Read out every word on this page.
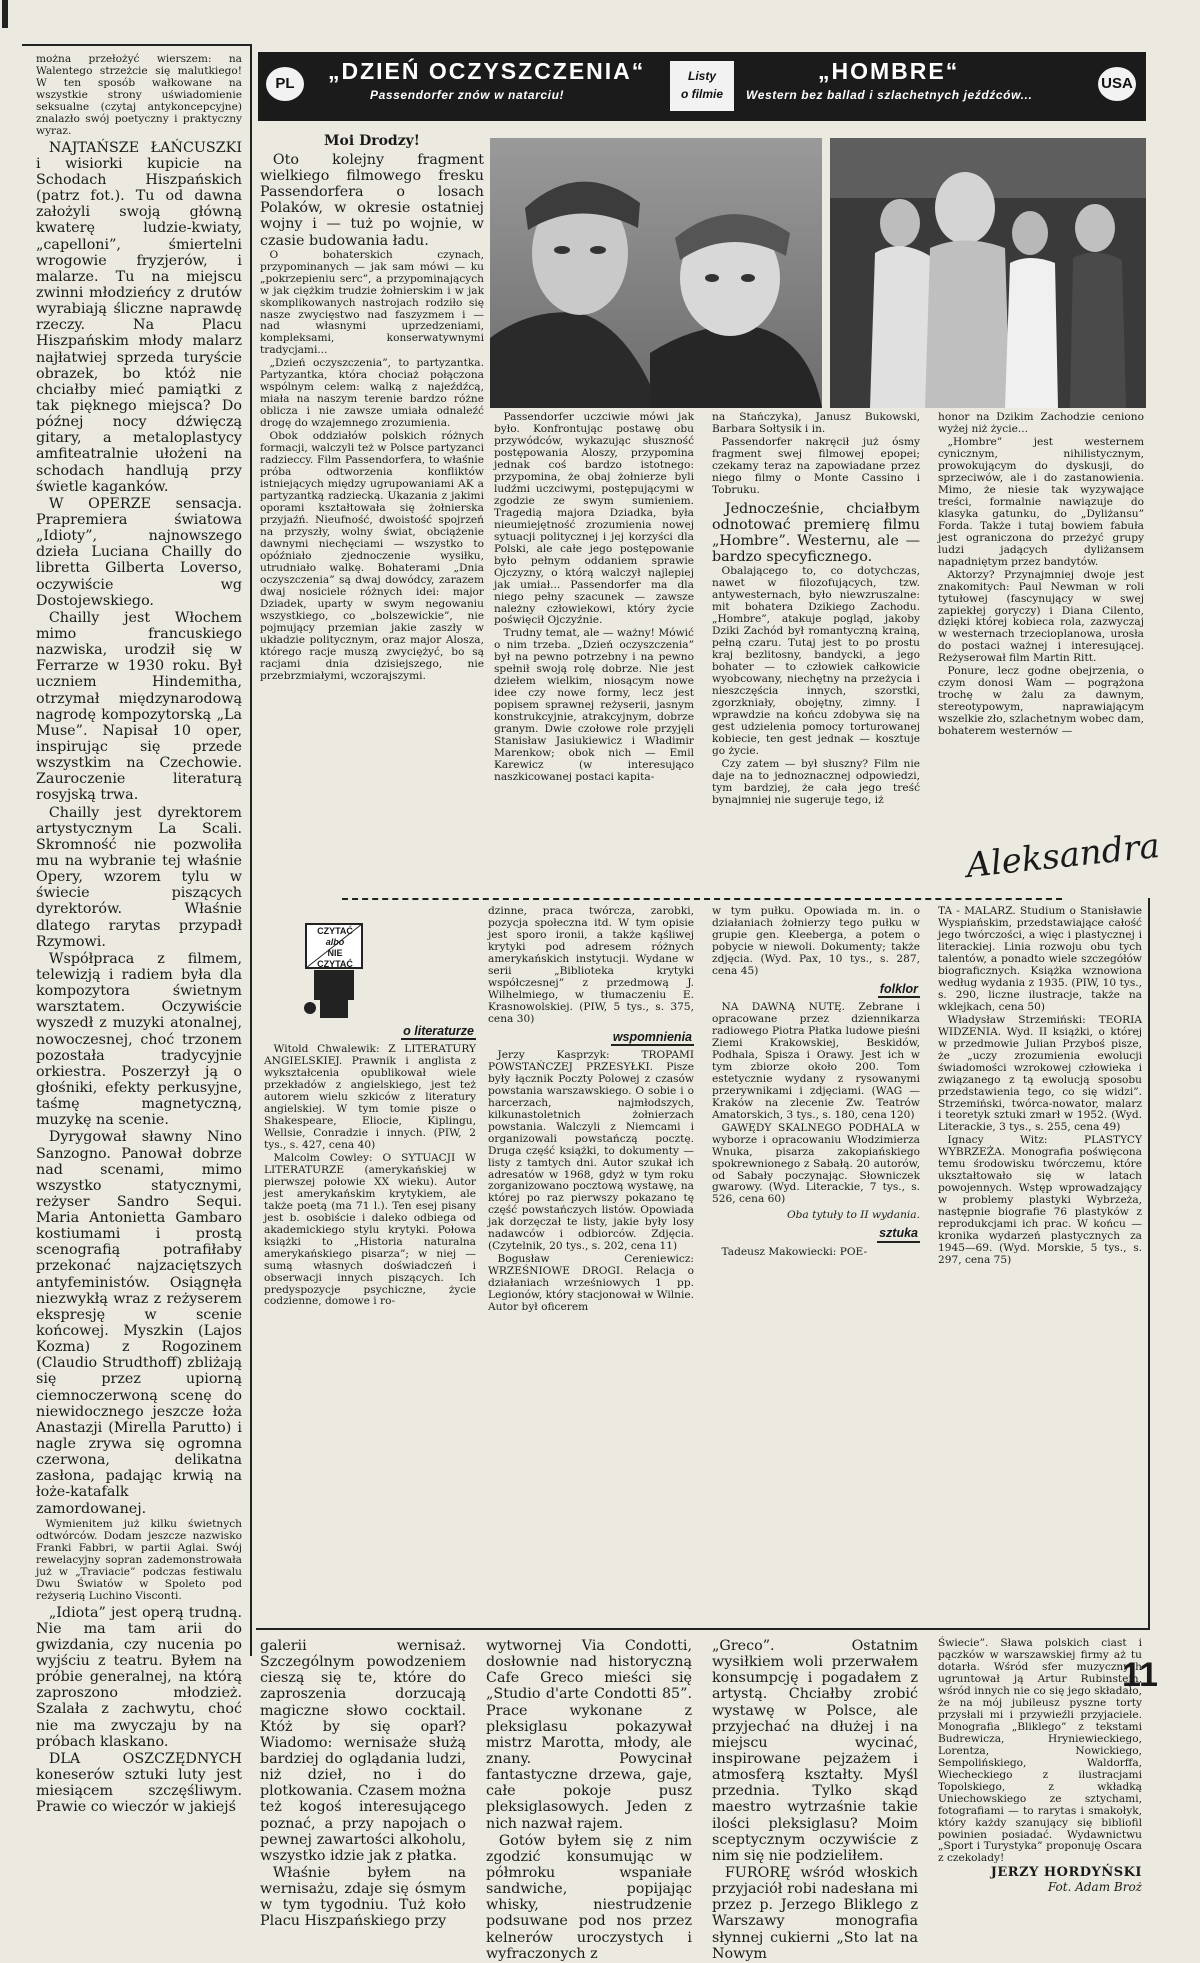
PL	„DZIEŃ OCZYSZCZENIA“
Passendorfer znów w natarciu!
Listy
o filmie
„HOMBRE“
Western bez ballad i szlachetnych jeźdźców...
USA
można przełożyć wierszem: na Walentego strzeżcie się malutkiego! W ten sposób wałkowane na wszystkie strony uświadomienie seksualne (czytaj antykoncepcyjne) znalazło swój poetyczny i praktyczny wyraz.

NAJTAŃSZE ŁAŃCUSZKI i wisiorki kupicie na Schodach Hiszpańskich (patrz fot.). Tu od dawna założyli swoją główną kwaterę ludzie-kwiaty, „capelloni”, śmiertelni wrogowie fryzjerów, i malarze. Tu na miejscu zwinni młodzieńcy z drutów wyrabiają śliczne naprawdę rzeczy. Na Placu Hiszpańskim młody malarz najłatwiej sprzeda turyście obrazek, bo któż nie chciałby mieć pamiątki z tak pięknego miejsca? Do późnej nocy dźwięczą gitary, a metaloplastycy amfiteatralnie ułożeni na schodach handlują przy świetle kaganków.

W OPERZE sensacja. Prapremiera światowa „Idioty”, najnowszego dzieła Luciana Chailly do libretta Gilberta Loverso, oczywiście wg Dostojewskiego.

Chailly jest Włochem mimo francuskiego nazwiska, urodził się w Ferrarze w 1930 roku. Był uczniem Hindemitha, otrzymał międzynarodową nagrodę kompozytorską „La Muse”. Napisał 10 oper, inspirując się przede wszystkim na Czechowie. Zauroczenie literaturą rosyjską trwa.

Chailly jest dyrektorem artystycznym La Scali. Skromność nie pozwoliła mu na wybranie tej właśnie Opery, wzorem tylu w świecie piszących dyrektorów. Właśnie dlatego rarytas przypadł Rzymowi.

Współpraca z filmem, telewizją i radiem była dla kompozytora świetnym warsztatem. Oczywiście wyszedł z muzyki atonalnej, nowoczesnej, choć trzonem pozostała tradycyjnie orkiestra. Poszerzył ją o głośniki, efekty perkusyjne, taśmę magnetyczną, muzykę na scenie.

Dyrygował sławny Nino Sanzogno. Panował dobrze nad scenami, mimo wszystko statycznymi, reżyser Sandro Sequi. Maria Antonietta Gambaro kostiumami i prostą scenografią potrafiłaby przekonać najzaciętszych antyfeministów. Osiągnęła niezwykłą wraz z reżyserem ekspresję w scenie końcowej. Myszkin (Lajos Kozma) z Rogozinem (Claudio Strudthoff) zbliżają się przez upiorną ciemnoczerwoną scenę do niewidocznego jeszcze łoża Anastazji (Mirella Parutto) i nagle zrywa się ogromna czerwona, delikatna zasłona, padając krwią na łoże-katafalk zamordowanej.

Wymienitem już kilku świetnych odtwórców. Dodam jeszcze nazwisko Franki Fabbri, w partii Aglai. Swój rewelacyjny sopran zademonstrowała już w „Traviacie” podczas festiwalu Dwu Światów w Spoleto pod reżyserią Luchino Visconti.

„Idiota” jest operą trudną. Nie ma tam arii do gwizdania, czy nucenia po wyjściu z teatru. Byłem na próbie generalnej, na którą zaproszono młodzież. Szalała z zachwytu, choć nie ma zwyczaju by na próbach klaskano.

DLA OSZCZĘDNYCH koneserów sztuki luty jest miesiącem szczęśliwym. Prawie co wieczór w jakiejś

Moi Drodzy!

Oto kolejny fragment wielkiego filmowego fresku Passendorfera o losach Polaków, w okresie ostatniej wojny i — tuż po wojnie, w czasie budowania ładu.

O bohaterskich czynach, przypominanych — jak sam mówi — ku „pokrzepieniu serc”, a przypominających w jak ciężkim trudzie żołnierskim i w jak skomplikowanych nastrojach rodziło się nasze zwycięstwo nad faszyzmem i — nad własnymi uprzedzeniami, kompleksami, konserwatywnymi tradycjami...

„Dzień oczyszczenia”, to partyzantka. Partyzantka, która chociaż połączona wspólnym celem: walką z najeźdźcą, miała na naszym terenie bardzo różne oblicza i nie zawsze umiała odnaleźć drogę do wzajemnego zrozumienia.

Obok oddziałów polskich różnych formacji, walczyli też w Polsce partyzanci radzieccy. Film Passendorfera, to właśnie próba odtworzenia konfliktów istniejących między ugrupowaniami AK a partyzantką radziecką. Ukazania z jakimi oporami kształtowała się żołnierska przyjaźń. Nieufność, dwoistość spojrzeń na przyszły, wolny świat, obciążenie dawnymi niechęciami — wszystko to opóźniało zjednoczenie wysiłku, utrudniało walkę. Bohaterami „Dnia oczyszczenia” są dwaj dowódcy, zarazem dwaj nosiciele różnych idei: major Dziadek, uparty w swym negowaniu wszystkiego, co „bolszewickie”, nie pojmujący przemian jakie zaszły w układzie politycznym, oraz major Alosza, którego racje muszą zwyciężyć, bo są racjami dnia dzisiejszego, nie przebrzmiałymi, wczorajszymi.

Passendorfer uczciwie mówi jak było. Konfrontując postawę obu przywódców, wykazując słuszność postępowania Aloszy, przypomina jednak coś bardzo istotnego: przypomina, że obaj żołnierze byli ludźmi uczciwymi, postępującymi w zgodzie ze swym sumieniem. Tragedią majora Dziadka, była nieumiejętność zrozumienia nowej sytuacji politycznej i jej korzyści dla Polski, ale całe jego postępowanie było pełnym oddaniem sprawie Ojczyzny, o którą walczył najlepiej jak umiał... Passendorfer ma dla niego pełny szacunek — zawsze należny człowiekowi, który życie poświęcił Ojczyźnie.

Trudny temat, ale — ważny! Mówić o nim trzeba. „Dzień oczyszczenia” był na pewno potrzebny i na pewno spełnił swoją rolę dobrze. Nie jest dziełem wielkim, niosącym nowe idee czy nowe formy, lecz jest popisem sprawnej reżyserii, jasnym konstrukcyjnie, atrakcyjnym, dobrze granym. Dwie czołowe role przyjęli Stanisław Jasiukiewicz i Władimir Marenkow; obok nich — Emil Karewicz (w interesująco naszkicowanej postaci kapita-

na Stańczyka), Janusz Bukowski, Barbara Sołtysik i in.

Passendorfer nakręcił już ósmy fragment swej filmowej epopei; czekamy teraz na zapowiadane przez niego filmy o Monte Cassino i Tobruku.

Jednocześnie, chciałbym odnotować premierę filmu „Hombre”. Westernu, ale — bardzo specyficznego.

Obalającego to, co dotychczas, nawet w filozofujących, tzw. antywesternach, było niewzruszalne: mit bohatera Dzikiego Zachodu. „Hombre”, atakuje pogląd, jakoby Dziki Zachód był romantyczną krainą, pełną czaru. Tutaj jest to po prostu kraj bezlitosny, bandycki, a jego bohater — to człowiek całkowicie wyobcowany, niechętny na przeżycia i nieszczęścia innych, szorstki, zgorzkniały, obojętny, zimny. I wprawdzie na końcu zdobywa się na gest udzielenia pomocy torturowanej kobiecie, ten gest jednak — kosztuje go życie.

Czy zatem — był słuszny? Film nie daje na to jednoznacznej odpowiedzi, tym bardziej, że cała jego treść bynajmniej nie sugeruje tego, iż

honor na Dzikim Zachodzie ceniono wyżej niż życie...

„Hombre” jest westernem cynicznym, nihilistycznym, prowokującym do dyskusji, do sprzeciwów, ale i do zastanowienia. Mimo, że niesie tak wyzywające treści, formalnie nawiązuje do klasyka gatunku, do „Dyliżansu” Forda. Także i tutaj bowiem fabuła jest ograniczona do przeżyć grupy ludzi jadących dyliżansem napadniętym przez bandytów.

Aktorzy? Przynajmniej dwoje jest znakomitych: Paul Newman w roli tytułowej (fascynujący w swej zapiekłej goryczy) i Diana Cilento, dzięki której kobieca rola, zazwyczaj w westernach trzecioplanowa, urosła do postaci ważnej i interesującej. Reżyserował film Martin Ritt.

Ponure, lecz godne obejrzenia, o czym donosi Wam — pogrążona trochę w żalu za dawnym, stereotypowym, naprawiającym wszelkie zło, szlachetnym wobec dam, bohaterem westernów —

Aleksandra
CZYTAĆ
albo
NIE CZYTAĆ
o literaturze

Witold Chwalewik: Z LITERATURY ANGIELSKIEJ. Prawnik i anglista z wykształcenia opublikował wiele przekładów z angielskiego, jest też autorem wielu szkiców z literatury angielskiej. W tym tomie pisze o Shakespeare, Eliocie, Kiplingu, Wellsie, Conradzie i innych. (PIW, 2 tys., s. 427, cena 40)

Malcolm Cowley: O SYTUACJI W LITERATURZE (amerykańskiej w pierwszej połowie XX wieku). Autor jest amerykańskim krytykiem, ale także poetą (ma 71 l.). Ten esej pisany jest b. osobiście i daleko odbiega od akademickiego stylu krytyki. Połowa książki to „Historia naturalna amerykańskiego pisarza”; w niej — sumą własnych doświadczeń i obserwacji innych piszących. Ich predyspozycje psychiczne, życie codzienne, domowe i ro-

dzinne, praca twórcza, zarobki, pozycja społeczna itd. W tym opisie jest sporo ironii, a także kąśliwej krytyki pod adresem różnych amerykańskich instytucji. Wydane w serii „Biblioteka krytyki współczesnej” z przedmową J. Wilhelmiego, w tłumaczeniu E. Krasnowolskiej. (PIW, 5 tys., s. 375, cena 30)

wspomnienia

Jerzy Kasprzyk: TROPAMI POWSTAŃCZEJ PRZESYŁKI. Pisze były łącznik Poczty Polowej z czasów powstania warszawskiego. O sobie i o harcerzach, najmłodszych, kilkunastoletnich żołnierzach powstania. Walczyli z Niemcami i organizowali powstańczą pocztę. Druga część książki, to dokumenty — listy z tamtych dni. Autor szukał ich adresatów w 1968, gdyż w tym roku zorganizowano pocztową wystawę, na której po raz pierwszy pokazano tę część powstańczych listów. Opowiada jak dorzęczał te listy, jakie były losy nadawców i odbiorców. Zdjęcia. (Czytelnik, 20 tys., s. 202, cena 11)

Bogusław Cereniewicz: WRZEŚNIOWE DROGI. Relacja o działaniach wrześniowych 1 pp. Legionów, który stacjonował w Wilnie. Autor był oficerem

w tym pułku. Opowiada m. in. o działaniach żołnierzy tego pułku w grupie gen. Kleeberga, a potem o pobycie w niewoli. Dokumenty; także zdjęcia. (Wyd. Pax, 10 tys., s. 287, cena 45)

folklor

NA DAWNĄ NUTĘ. Zebrane i opracowane przez dziennikarza radiowego Piotra Płatka ludowe pieśni Ziemi Krakowskiej, Beskidów, Podhala, Spisza i Orawy. Jest ich w tym zbiorze około 200. Tom estetycznie wydany z rysowanymi przerywnikami i zdjęciami. (WAG — Kraków na zlecenie Zw. Teatrów Amatorskich, 3 tys., s. 180, cena 120)

GAWĘDY SKALNEGO PODHALA w wyborze i opracowaniu Włodzimierza Wnuka, pisarza zakopiańskiego spokrewnionego z Sabałą. 20 autorów, od Sabały poczynając. Słowniczek gwarowy. (Wyd. Literackie, 7 tys., s. 526, cena 60)

Oba tytuły to II wydania.

sztuka

Tadeusz Makowiecki: POE-

TA - MALARZ. Studium o Stanisławie Wyspiańskim, przedstawiające całość jego twórczości, a więc i plastycznej i literackiej. Linia rozwoju obu tych talentów, a ponadto wiele szczegółów biograficznych. Książka wznowiona według wydania z 1935. (PIW, 10 tys., s. 290, liczne ilustracje, także na wklejkach, cena 50)

Władysław Strzemiński: TEORIA WIDZENIA. Wyd. II książki, o której w przedmowie Julian Przyboś pisze, że „uczy zrozumienia ewolucji świadomości wzrokowej człowieka i związanego z tą ewolucją sposobu przedstawienia tego, co się widzi”. Strzemiński, twórca-nowator, malarz i teoretyk sztuki zmarł w 1952. (Wyd. Literackie, 3 tys., s. 255, cena 49)

Ignacy Witz: PLASTYCY WYBRZEŻA. Monografia poświęcona temu środowisku twórczemu, które ukształtowało się w latach powojennych. Wstęp wprowadzający w problemy plastyki Wybrzeża, następnie biografie 76 plastyków z reprodukcjami ich prac. W końcu — kronika wydarzeń plastycznych za 1945—69. (Wyd. Morskie, 5 tys., s. 297, cena 75)

galerii wernisaż. Szczególnym powodzeniem cieszą się te, które do zaproszenia dorzucają magiczne słowo cocktail. Któż by się oparł? Wiadomo: wernisaże służą bardziej do oglądania ludzi, niż dzieł, no i do plotkowania. Czasem można też kogoś interesującego poznać, a przy napojach o pewnej zawartości alkoholu, wszystko idzie jak z płatka.

Właśnie byłem na wernisażu, zdaje się ósmym w tym tygodniu. Tuż koło Placu Hiszpańskiego przy

wytwornej Via Condotti, dosłownie nad historyczną Cafe Greco mieści się „Studio d'arte Condotti 85”. Prace wykonane z pleksiglasu pokazywał mistrz Marotta, młody, ale znany. Powycinał fantastyczne drzewa, gaje, całe pokoje pusz pleksiglasowych. Jeden z nich nazwał rajem.

Gotów byłem się z nim zgodzić konsumując w półmroku wspaniałe sandwiche, popijając whisky, niestrudzenie podsuwane pod nos przez kelnerów uroczystych i wyfraczonych z

„Greco”. Ostatnim wysiłkiem woli przerwałem konsumpcję i pogadałem z artystą. Chciałby zrobić wystawę w Polsce, ale przyjechać na dłużej i na miejscu wycinać, inspirowane pejzażem i atmosferą kształty. Myśl przednia. Tylko skąd maestro wytrzaśnie takie ilości pleksiglasu? Moim sceptycznym oczywiście z nim się nie podzieliłem.

FURORĘ wśród włoskich przyjaciół robi nadesłana mi przez p. Jerzego Bliklego z Warszawy monografia słynnej cukierni „Sto lat na Nowym

Świecie”. Sława polskich ciast i pączków w warszawskiej firmy aż tu dotarła. Wśród sfer muzycznych ugruntował ją Artur Rubinstein, wśród innych nie co się jego składało, że na mój jubileusz pyszne torty przysłali mi i przywieźli przyjaciele. Monografia „Bliklego” z tekstami Budrewicza, Hryniewieckiego, Lorentza, Nowickiego, Sempolińskiego, Waldorffa, Wiecheckiego z ilustracjami Topolskiego, z wkładką Uniechowskiego ze sztychami, fotografiami — to rarytas i smakołyk, który każdy szanujący się bibliofil powinien posiadać. Wydawnictwu „Sport i Turystyka” proponuję Oscara z czekolady!

JERZY HORDYŃSKI
Fot. Adam Broż
11
